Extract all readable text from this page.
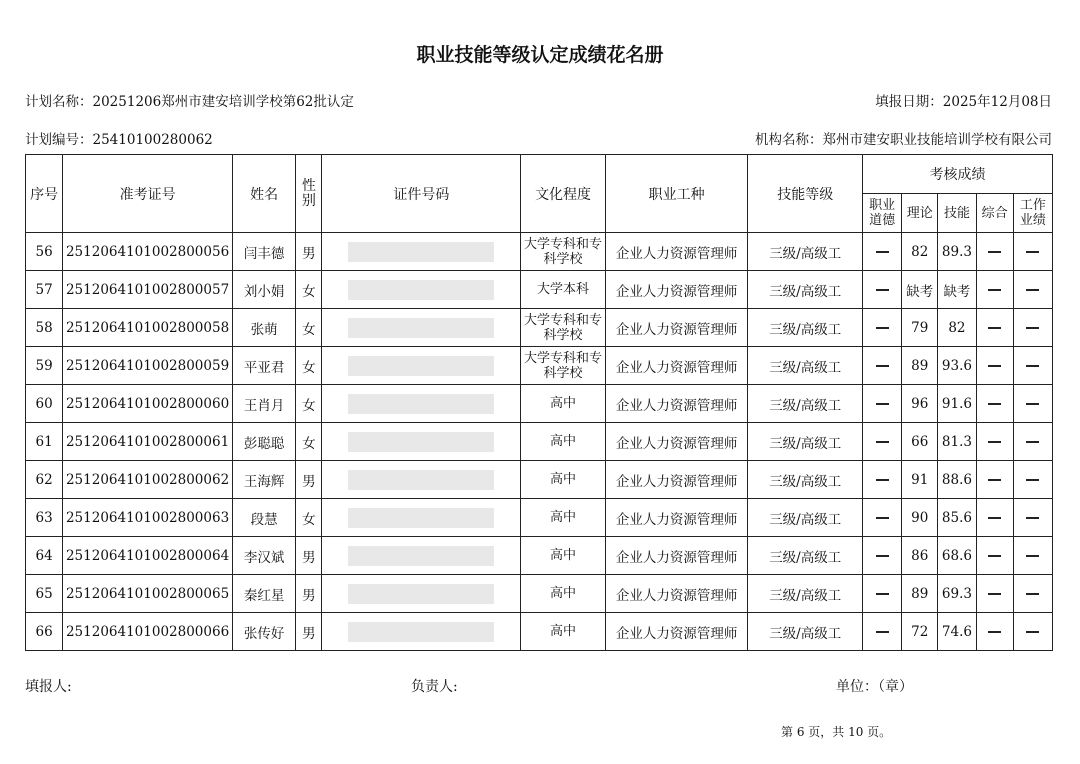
职业技能等级认定成绩花名册
计划名称：20251206郑州市建安培训学校第62批认定	填报日期：2025年12月08日
计划编号：25410100280062	机构名称：郑州市建安职业技能培训学校有限公司
序号	准考证号	姓名	性别	证件号码	文化程度	职业工种	技能等级	考核成绩				
								职业道德	理论	技能	综合	工作业绩
56	2512064101002800056	闫丰德	男		大学专科和专科学校	企业人力资源管理师	三级/高级工		82	89.3		
57	2512064101002800057	刘小娟	女		大学本科	企业人力资源管理师	三级/高级工		缺考	缺考		
58	2512064101002800058	张萌	女		大学专科和专科学校	企业人力资源管理师	三级/高级工		79	82		
59	2512064101002800059	平亚君	女		大学专科和专科学校	企业人力资源管理师	三级/高级工		89	93.6		
60	2512064101002800060	王肖月	女		高中	企业人力资源管理师	三级/高级工		96	91.6		
61	2512064101002800061	彭聪聪	女		高中	企业人力资源管理师	三级/高级工		66	81.3		
62	2512064101002800062	王海辉	男		高中	企业人力资源管理师	三级/高级工		91	88.6		
63	2512064101002800063	段慧	女		高中	企业人力资源管理师	三级/高级工		90	85.6		
64	2512064101002800064	李汉斌	男		高中	企业人力资源管理师	三级/高级工		86	68.6		
65	2512064101002800065	秦红星	男		高中	企业人力资源管理师	三级/高级工		89	69.3		
66	2512064101002800066	张传好	男		高中	企业人力资源管理师	三级/高级工		72	74.6		
填报人:	负责人:	单位：（章）
第 6 页，共 10 页。
